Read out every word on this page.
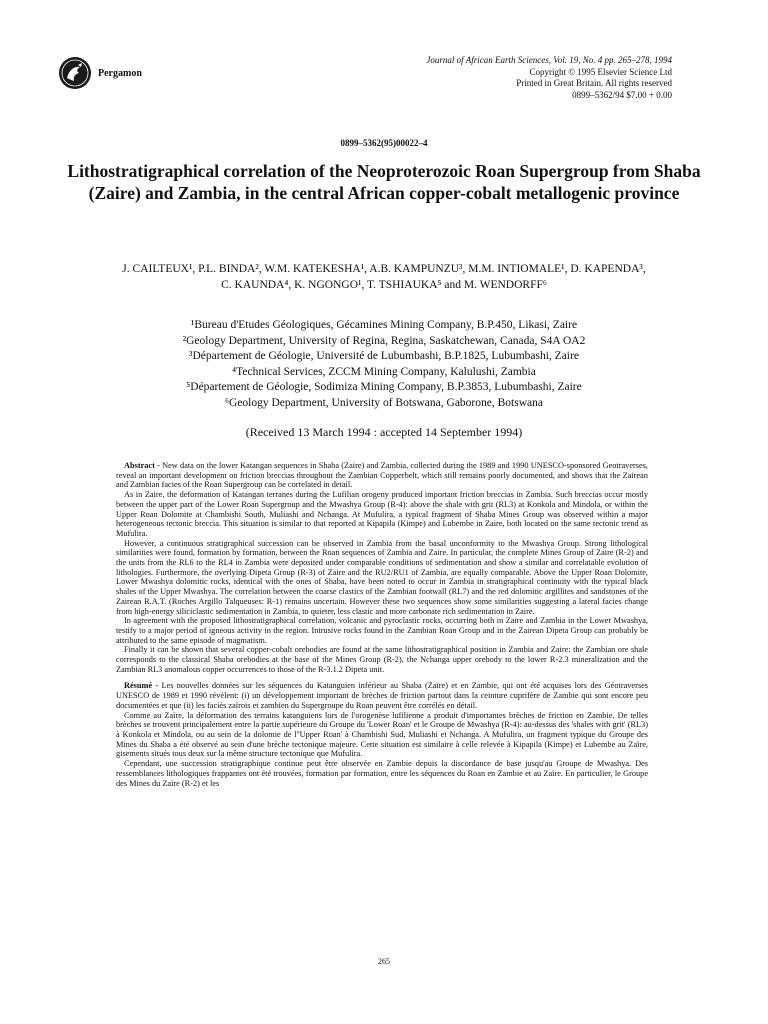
Pergamon
Journal of African Earth Sciences, Vol. 19, No. 4 pp. 265–278, 1994
Copyright © 1995 Elsevier Science Ltd
Printed in Great Britain. All rights reserved
0899–5362/94 $7.00 + 0.00
0899–5362(95)00022–4
Lithostratigraphical correlation of the Neoproterozoic Roan Supergroup from Shaba (Zaire) and Zambia, in the central African copper-cobalt metallogenic province
J. CAILTEUX¹, P.L. BINDA², W.M. KATEKESHA¹, A.B. KAMPUNZU³, M.M. INTIOMALE¹, D. KAPENDA³,
C. KAUNDA⁴, K. NGONGO¹, T. TSHIAUKA⁵ and M. WENDORFF⁶
¹Bureau d'Etudes Géologiques, Gécamines Mining Company, B.P.450, Likasi, Zaire
²Geology Department, University of Regina, Regina, Saskatchewan, Canada, S4A OA2
³Département de Géologie, Université de Lubumbashi, B.P.1825, Lubumbashi, Zaire
⁴Technical Services, ZCCM Mining Company, Kalulushi, Zambia
⁵Département de Géologie, Sodimiza Mining Company, B.P.3853, Lubumbashi, Zaire
⁶Geology Department, University of Botswana, Gaborone, Botswana
(Received 13 March 1994 : accepted 14 September 1994)

Abstract - New data on the lower Katangan sequences in Shaba (Zaire) and Zambia, collected during the 1989 and 1990 UNESCO-sponsored Geotraverses, reveal an important development on friction breccias throughout the Zambian Copperbelt, which still remains poorly documented, and shows that the Zairean and Zambian facies of the Roan Supergroup can be correlated in detail.

As in Zaire, the deformation of Katangan terranes during the Lufilian orogeny produced important friction breccias in Zambia. Such breccias occur mostly between the upper part of the Lower Roan Supergroup and the Mwashya Group (R-4): above the shale with grit (RL3) at Konkola and Mindola, or within the Upper Roan Dolomite at Chambishi South, Muliashi and Nchanga. At Mufulira, a typical fragment of Shaba Mines Group was observed within a major heterogeneous tectonic breccia. This situation is similar to that reported at Kipapila (Kimpe) and Lubembe in Zaire, both located on the same tectonic trend as Mufulira.

However, a continuous stratigraphical succession can be observed in Zambia from the basal unconformity to the Mwashya Group. Strong lithological similarities were found, formation by formation, between the Roan sequences of Zambia and Zaire. In particular, the complete Mines Group of Zaire (R-2) and the units from the RL6 to the RL4 in Zambia were deposited under comparable conditions of sedimentation and show a similar and correlatable evolution of lithologies. Furthermore, the overlying Dipeta Group (R-3) of Zaire and the RU2/RU1 of Zambia, are equally comparable. Above the Upper Roan Dolomite, Lower Mwashya dolomitic rocks, identical with the ones of Shaba, have been noted to occur in Zambia in stratigraphical continuity with the typical black shales of the Upper Mwashya. The correlation between the coarse clastics of the Zambian footwall (RL7) and the red dolomitic argillites and sandstones of the Zairean R.A.T. (Roches Argillo Talqueuses: R-1) remains uncertain. However these two sequences show some similarities suggesting a lateral facies change from high-energy siliciclastic sedimentation in Zambia, to quieter, less clastic and more carbonate rich sedimentation in Zaire.

In agreement with the proposed lithostratigraphical correlation, volcanic and pyroclastic rocks, occurring both in Zaire and Zambia in the Lower Mwashya, testify to a major period of igneous activity in the region. Intrusive rocks found in the Zambian Roan Group and in the Zairean Dipeta Group can probably be attributed to the same episode of magmatism.

Finally it can be shown that several copper-cobalt orebodies are found at the same lithostratigraphical position in Zambia and Zaire: the Zambian ore shale corresponds to the classical Shaba orebodies at the base of the Mines Group (R-2), the Nchanga upper orebody to the lower R-2.3 mineralization and the Zambian RL3 anomalous copper occurrences to those of the R-3.1.2 Dipeta unit.

Résumé - Les nouvelles données sur les séquences du Katanguien inférieur au Shaba (Zaïre) et en Zambie, qui ont été acquises lors des Géotraverses UNESCO de 1989 et 1990 révèlent: (i) un développement important de brèches de friction partout dans la ceinture cuprifère de Zambie qui sont encore peu documentées et que (ii) les faciès zaïrois et zambien du Supergroupe du Roan peuvent être corrélés en détail.

Comme au Zaïre, la déformation des terrains katanguiens lors de l'orogenèse lufilienne a produit d'importantes brèches de friction en Zambie. De telles brèches se trouvent principalement entre la partie supérieure du Groupe du 'Lower Roan' et le Groupe de Mwashya (R-4): au-dessus des 'shales with grit' (RL3) à Konkola et Mindola, ou au sein de la dolomie de l''Upper Roan' à Chambishi Sud, Muliashi et Nchanga. A Mufulira, un fragment typique du Groupe des Mines du Shaba a été observé au sein d'une brèche tectonique majeure. Cette situation est similaire à celle relevée à Kipapila (Kimpe) et Lubembe au Zaïre, gisements situés tous deux sur la même structure tectonique que Mufulira.

Cependant, une succession stratigraphique continue peut être observée en Zambie depuis la discordance de base jusqu'au Groupe de Mwashya. Des ressemblances lithologiques frappantes ont été trouvées, formation par formation, entre les séquences du Roan en Zambie et au Zaïre. En particulier, le Groupe des Mines du Zaïre (R-2) et les

265
